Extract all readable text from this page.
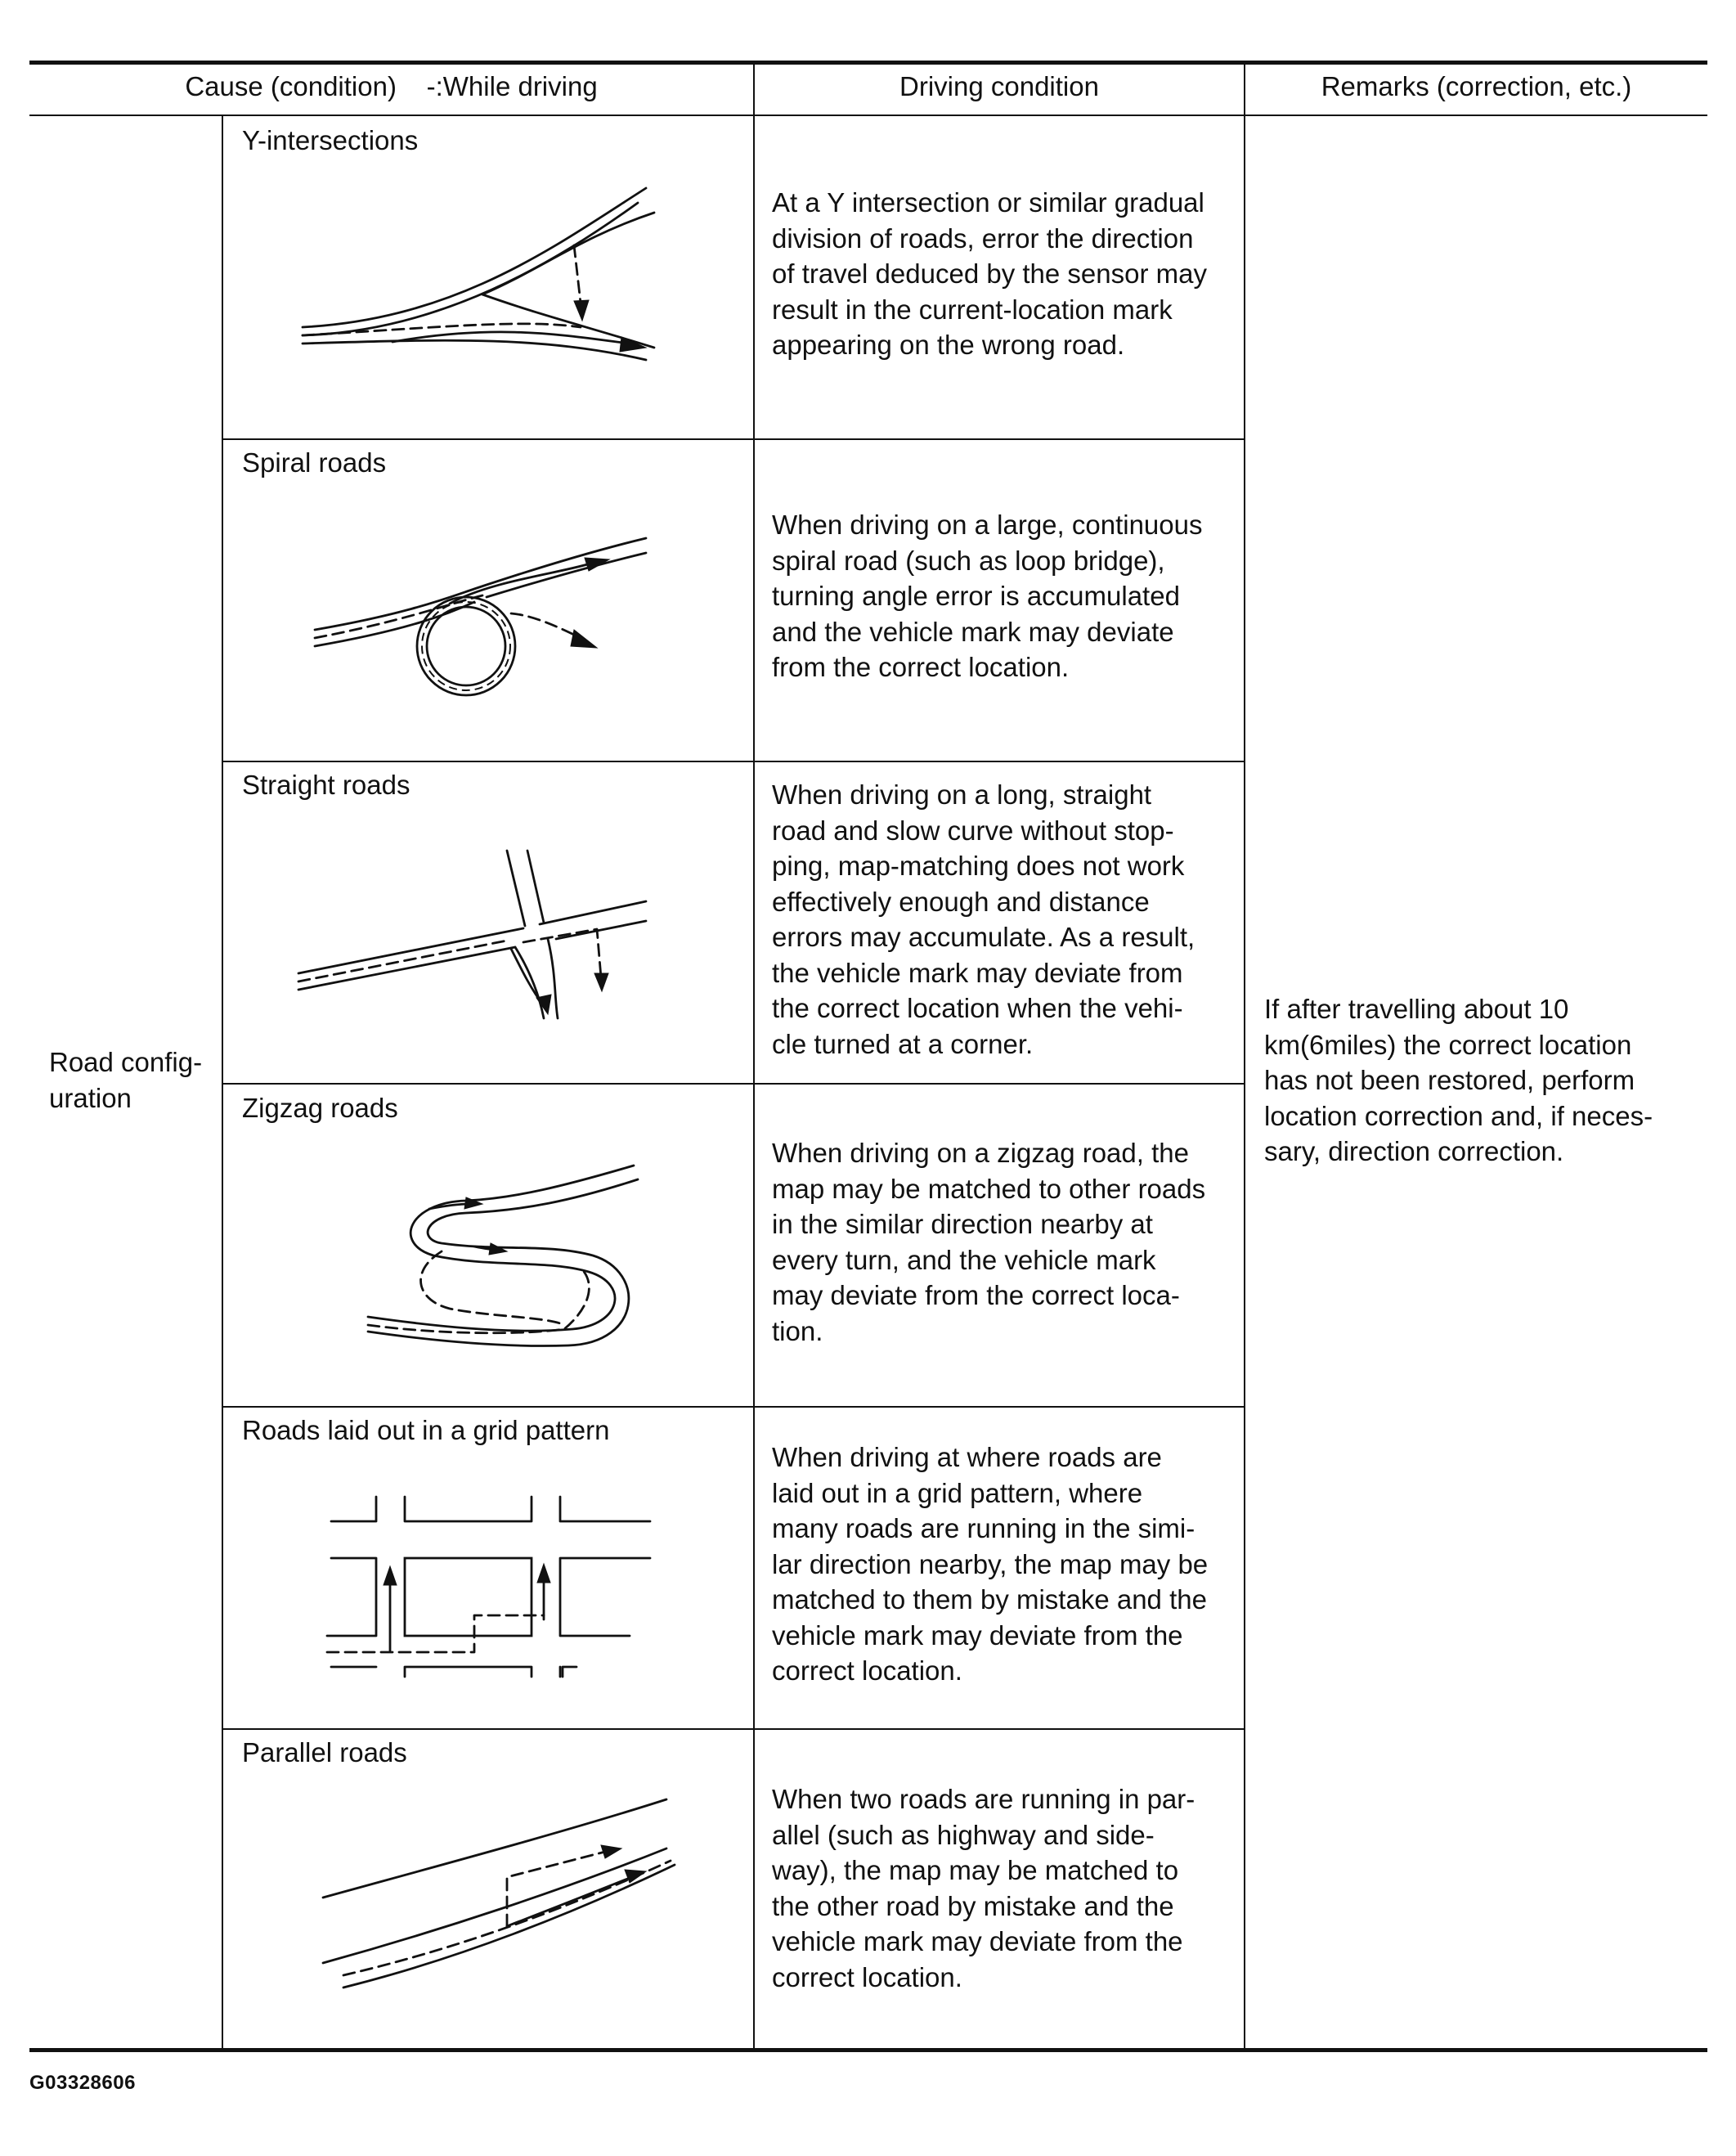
Cause (condition)    -:While driving	Driving condition	Remarks (correction, etc.)
Road config-
uration
If after travelling about 10
km(6miles) the correct location
has not been restored, perform
location correction and, if neces-
sary, direction correction.
Y-intersections
Spiral roads
Straight roads
Zigzag roads
Roads laid out in a grid pattern
Parallel roads
At a Y intersection or similar gradual
division of roads, error the direction
of travel deduced by the sensor may
result in the current-location mark
appearing on the wrong road.
When driving on a large, continuous
spiral road (such as loop bridge),
turning angle error is accumulated
and the vehicle mark may deviate
from the correct location.
When driving on a long, straight
road and slow curve without stop-
ping, map-matching does not work
effectively enough and distance
errors may accumulate. As a result,
the vehicle mark may deviate from
the correct location when the vehi-
cle turned at a corner.
When driving on a zigzag road, the
map may be matched to other roads
in the similar direction nearby at
every turn, and the vehicle mark
may deviate from the correct loca-
tion.
When driving at where roads are
laid out in a grid pattern, where
many roads are running in the simi-
lar direction nearby, the map may be
matched to them by mistake and the
vehicle mark may deviate from the
correct location.
When two roads are running in par-
allel (such as highway and side-
way), the map may be matched to
the other road by mistake and the
vehicle mark may deviate from the
correct location.
G03328606
